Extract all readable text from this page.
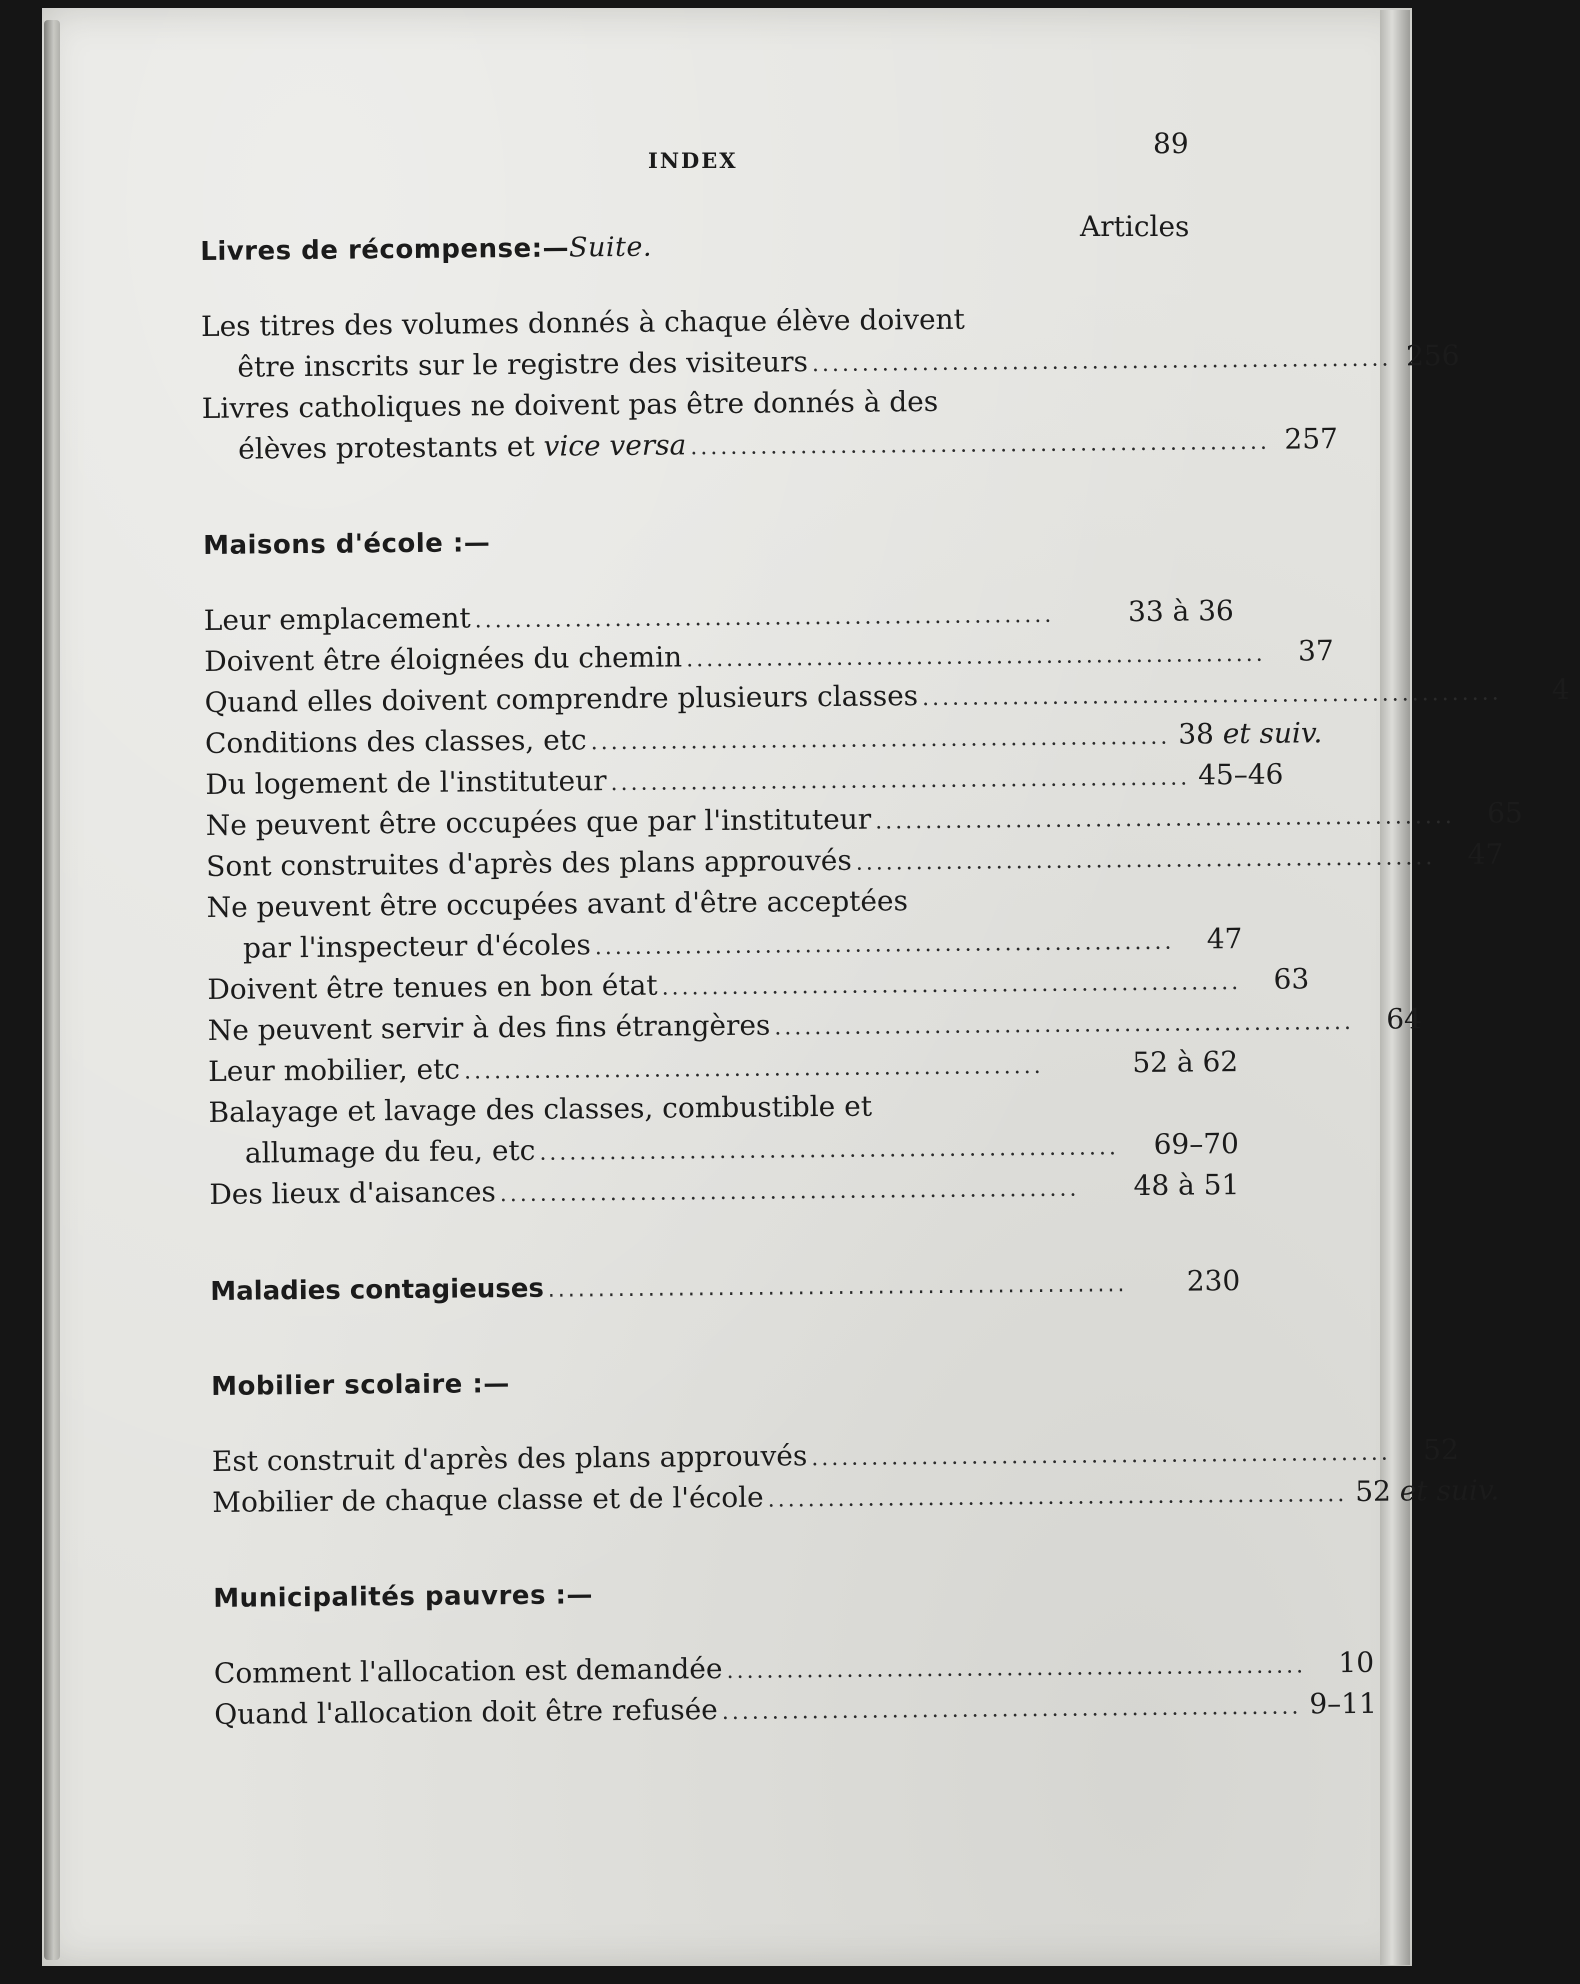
INDEX
89
Articles
Livres de récompense:—Suite.
Les titres des volumes donnés à chaque élève doivent
être inscrits sur le registre des visiteurs .......................................................... 256
Livres catholiques ne doivent pas être donnés à des
élèves protestants et vice versa .......................................................... 257
Maisons d'école :—
Leur emplacement ..........................................................	33 à 36
Doivent être éloignées du chemin ..........................................................	37
Quand elles doivent comprendre plusieurs classes ..........................................................	4
Conditions des classes, etc .......................................................... 38 et suiv.
Du logement de l'instituteur .......................................................... 45–46
Ne peuvent être occupées que par l'instituteur ..........................................................	65
Sont construites d'après des plans approuvés ..........................................................	47
Ne peuvent être occupées avant d'être acceptées
par l'inspecteur d'écoles ..........................................................	47
Doivent être tenues en bon état ..........................................................	63
Ne peuvent servir à des fins étrangères ..........................................................	64
Leur mobilier, etc ..........................................................	52 à 62
Balayage et lavage des classes, combustible et
allumage du feu, etc ..........................................................	69–70
Des lieux d'aisances ..........................................................	48 à 51
Maladies contagieuses ..........................................................	230
Mobilier scolaire :—
Est construit d'après des plans approuvés ..........................................................	52
Mobilier de chaque classe et de l'école .......................................................... 52 et suiv.
Municipalités pauvres :—
Comment l'allocation est demandée ..........................................................	10
Quand l'allocation doit être refusée .......................................................... 9–11
